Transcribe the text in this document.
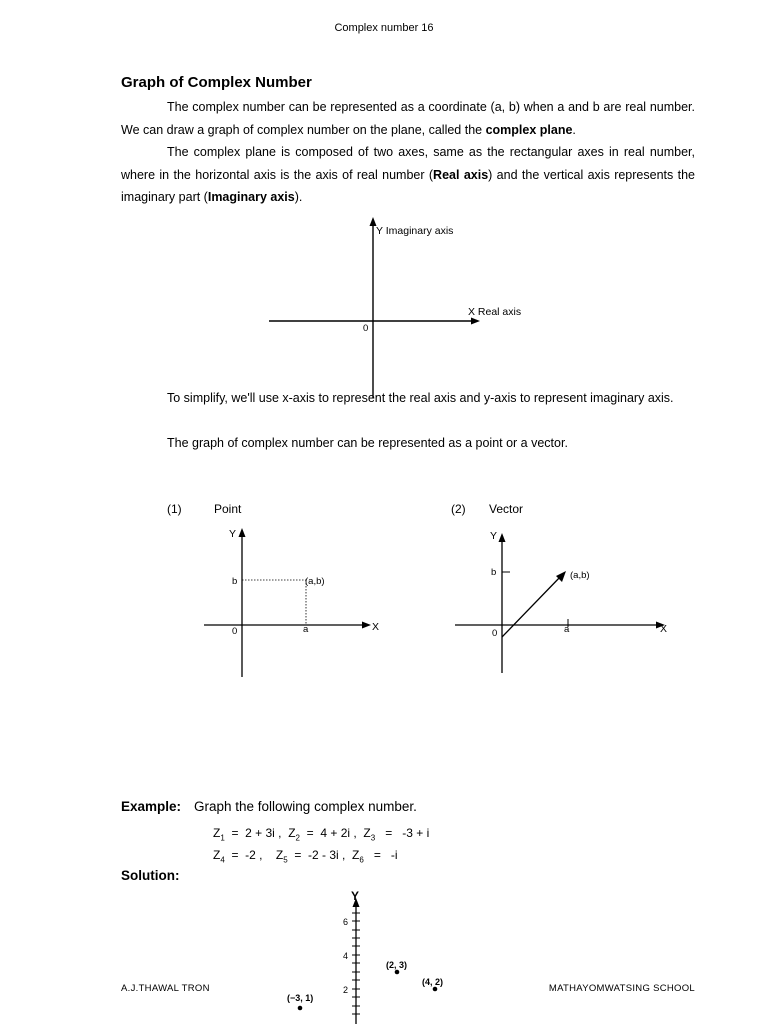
Complex number 16
Graph of Complex Number

The complex number can be represented as a coordinate (a, b) when a and b are real number. We can draw a graph of complex number on the plane, called the complex plane.

The complex plane is composed of two axes, same as the rectangular axes in real number, where in the horizontal axis is the axis of real number (Real axis) and the vertical axis represents the imaginary part (Imaginary axis).

Y Imaginary axis
X Real axis
0

To simplify, we'll use x-axis to represent the real axis and y-axis to represent imaginary axis.

The graph of complex number can be represented as a point or a vector.

(1)	Point
Y
X
b
a
0
(a,b)
(2) Vector
Y
X
b
a
0
(a,b)
Example: Graph the following complex number.
$Z_1 = 2 + 3i$ , $Z_2 = 4 + 2i$ , $Z_3 = -3 + i$
$Z_4 = -2$ , $Z_5 = -2 - 3i$ , $Z_6 = -i$
Solution:
Y
6
4
2
(2, 3)
(4, 2)
(−3, 1)
A.J.THAWAL TRON	MATHAYOMWATSING SCHOOL
